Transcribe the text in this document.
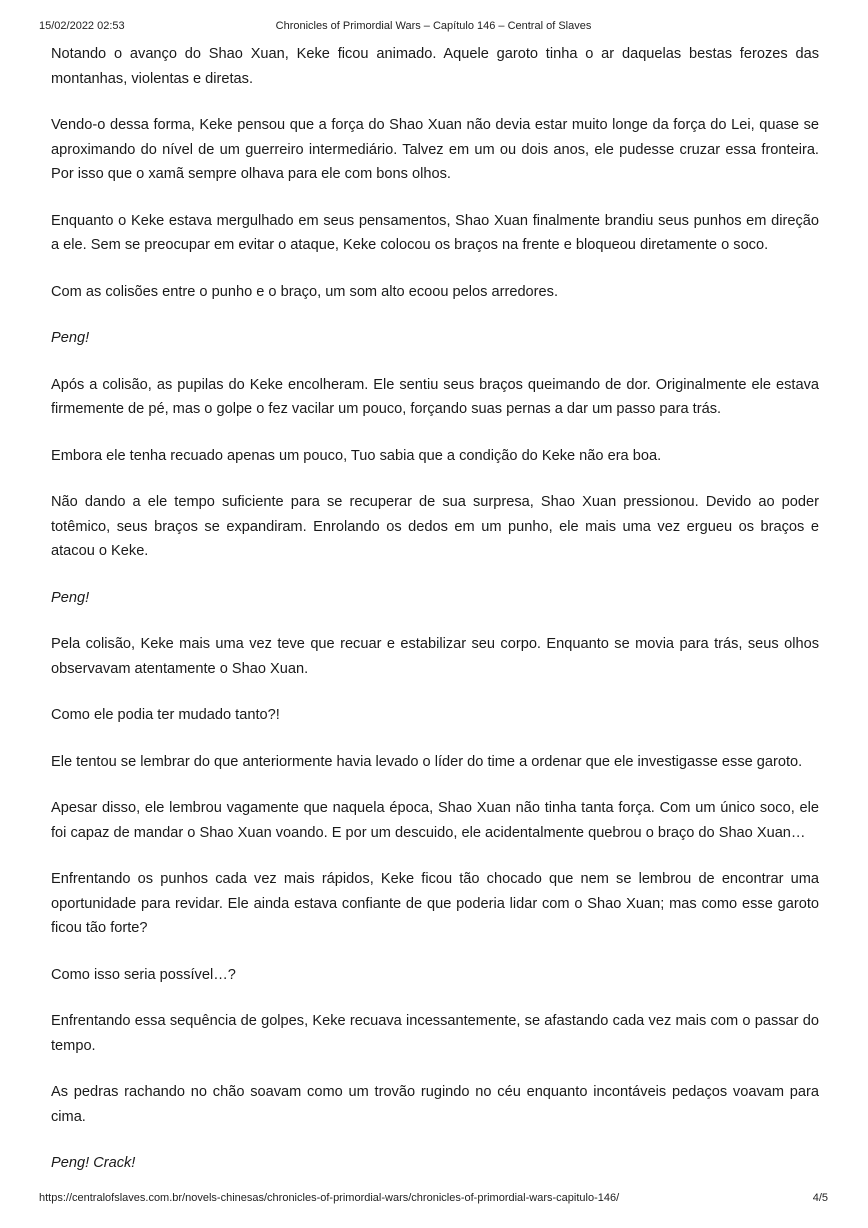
15/02/2022 02:53	Chronicles of Primordial Wars – Capítulo 146 – Central of Slaves

Notando o avanço do Shao Xuan, Keke ficou animado. Aquele garoto tinha o ar daquelas bestas ferozes das montanhas, violentas e diretas.

Vendo-o dessa forma, Keke pensou que a força do Shao Xuan não devia estar muito longe da força do Lei, quase se aproximando do nível de um guerreiro intermediário. Talvez em um ou dois anos, ele pudesse cruzar essa fronteira. Por isso que o xamã sempre olhava para ele com bons olhos.

Enquanto o Keke estava mergulhado em seus pensamentos, Shao Xuan finalmente brandiu seus punhos em direção a ele. Sem se preocupar em evitar o ataque, Keke colocou os braços na frente e bloqueou diretamente o soco.

Com as colisões entre o punho e o braço, um som alto ecoou pelos arredores.

Peng!

Após a colisão, as pupilas do Keke encolheram. Ele sentiu seus braços queimando de dor. Originalmente ele estava firmemente de pé, mas o golpe o fez vacilar um pouco, forçando suas pernas a dar um passo para trás.

Embora ele tenha recuado apenas um pouco, Tuo sabia que a condição do Keke não era boa.

Não dando a ele tempo suficiente para se recuperar de sua surpresa, Shao Xuan pressionou. Devido ao poder totêmico, seus braços se expandiram. Enrolando os dedos em um punho, ele mais uma vez ergueu os braços e atacou o Keke.

Peng!

Pela colisão, Keke mais uma vez teve que recuar e estabilizar seu corpo. Enquanto se movia para trás, seus olhos observavam atentamente o Shao Xuan.

Como ele podia ter mudado tanto?!

Ele tentou se lembrar do que anteriormente havia levado o líder do time a ordenar que ele investigasse esse garoto.

Apesar disso, ele lembrou vagamente que naquela época, Shao Xuan não tinha tanta força. Com um único soco, ele foi capaz de mandar o Shao Xuan voando. E por um descuido, ele acidentalmente quebrou o braço do Shao Xuan…

Enfrentando os punhos cada vez mais rápidos, Keke ficou tão chocado que nem se lembrou de encontrar uma oportunidade para revidar. Ele ainda estava confiante de que poderia lidar com o Shao Xuan; mas como esse garoto ficou tão forte?

Como isso seria possível…?

Enfrentando essa sequência de golpes, Keke recuava incessantemente, se afastando cada vez mais com o passar do tempo.

As pedras rachando no chão soavam como um trovão rugindo no céu enquanto incontáveis pedaços voavam para cima.

Peng! Crack!

https://centralofslaves.com.br/novels-chinesas/chronicles-of-primordial-wars/chronicles-of-primordial-wars-capitulo-146/	4/5
